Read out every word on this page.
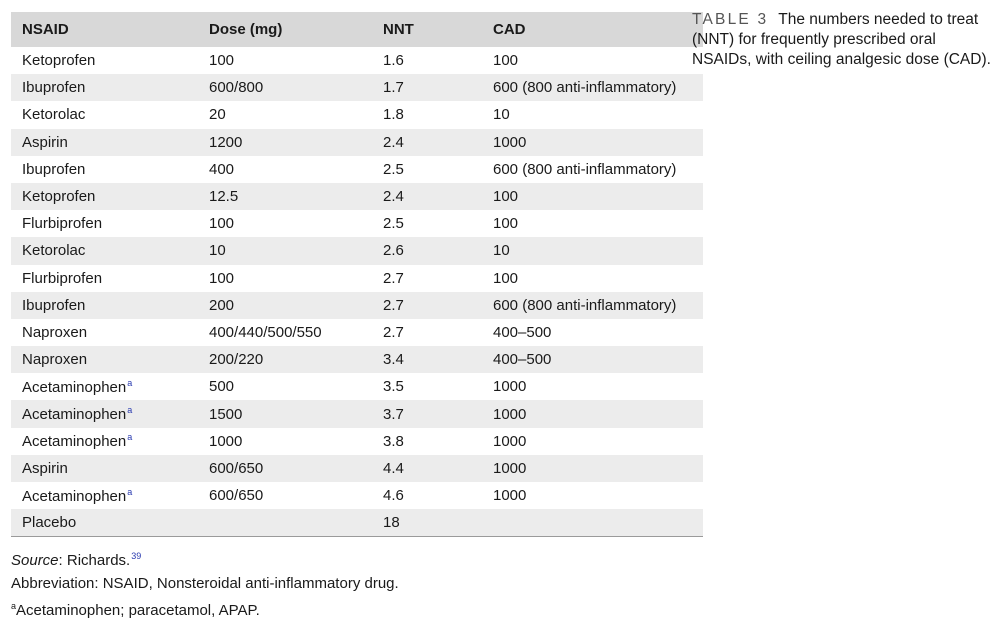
NSAID	Dose (mg)	NNT	CAD
Ketoprofen	100	1.6	100
Ibuprofen	600/800	1.7	600 (800 anti-inflammatory)
Ketorolac	20	1.8	10
Aspirin	1200	2.4	1000
Ibuprofen	400	2.5	600 (800 anti-inflammatory)
Ketoprofen	12.5	2.4	100
Flurbiprofen	100	2.5	100
Ketorolac	10	2.6	10
Flurbiprofen	100	2.7	100
Ibuprofen	200	2.7	600 (800 anti-inflammatory)
Naproxen	400/440/500/550	2.7	400–500
Naproxen	200/220	3.4	400–500
Acetaminophen$^a$	500	3.5	1000
Acetaminophen$^a$	1500	3.7	1000
Acetaminophen$^a$	1000	3.8	1000
Aspirin	600/650	4.4	1000
Acetaminophen$^a$	600/650	4.6	1000
Placebo		18	
Source: Richards.$^{39}$
Abbreviation: NSAID, Nonsteroidal anti-inflammatory drug.
$^a$Acetaminophen; paracetamol, APAP.
TABLE 3 The numbers needed to treat (NNT) for frequently prescribed oral NSAIDs, with ceiling analgesic dose (CAD).
